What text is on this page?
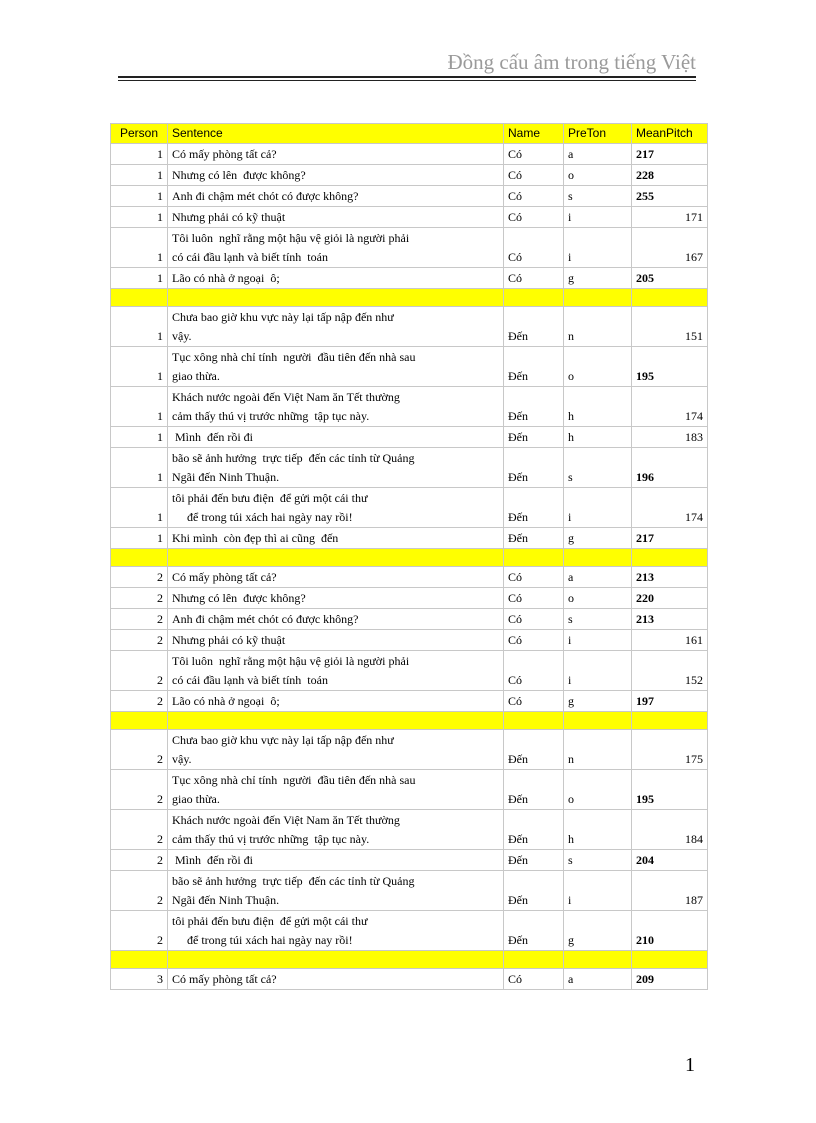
Đồng cấu âm trong tiếng Việt
Person	Sentence	Name	PreTon	MeanPitch
1	Có mấy phòng tất cả?	Có	a	217
1	Nhưng có lên  được không?	Có	o	228
1	Anh đi chậm mét chót có được không?	Có	s	255
1	Nhưng phải có kỹ thuật	Có	i	171
1	Tôi luôn  nghĩ rằng một hậu vệ giỏi là người phải
có cái đầu lạnh và biết tính  toán	Có	i	167
1	Lão có nhà ở ngoại  ô;	Có	g	205

1	Chưa bao giờ khu vực này lại tấp nập đến như
vậy.	Đến	n	151
1	Tục xông nhà chỉ tính  người  đầu tiên đến nhà sau
giao thừa.	Đến	o	195
1	Khách nước ngoài đến Việt Nam ăn Tết thường
cảm thấy thú vị trước những  tập tục này.	Đến	h	174
1	Mình  đến rồi đi	Đến	h	183
1	bão sẽ ảnh hưởng  trực tiếp  đến các tỉnh từ Quảng
Ngãi đến Ninh Thuận.	Đến	s	196
1	tôi phải đến bưu điện  để gửi một cái thư
để trong túi xách hai ngày nay rồi!	Đến	i	174
1	Khi mình  còn đẹp thì ai cũng  đến	Đến	g	217

2	Có mấy phòng tất cả?	Có	a	213
2	Nhưng có lên  được không?	Có	o	220
2	Anh đi chậm mét chót có được không?	Có	s	213
2	Nhưng phải có kỹ thuật	Có	i	161
2	Tôi luôn  nghĩ rằng một hậu vệ giỏi là người phải
có cái đầu lạnh và biết tính  toán	Có	i	152
2	Lão có nhà ở ngoại  ô;	Có	g	197

2	Chưa bao giờ khu vực này lại tấp nập đến như
vậy.	Đến	n	175
2	Tục xông nhà chỉ tính  người  đầu tiên đến nhà sau
giao thừa.	Đến	o	195
2	Khách nước ngoài đến Việt Nam ăn Tết thường
cảm thấy thú vị trước những  tập tục này.	Đến	h	184
2	Mình  đến rồi đi	Đến	s	204
2	bão sẽ ảnh hưởng  trực tiếp  đến các tỉnh từ Quảng
Ngãi đến Ninh Thuận.	Đến	i	187
2	tôi phải đến bưu điện  để gửi một cái thư
để trong túi xách hai ngày nay rồi!	Đến	g	210

3	Có mấy phòng tất cả?	Có	a	209
1
